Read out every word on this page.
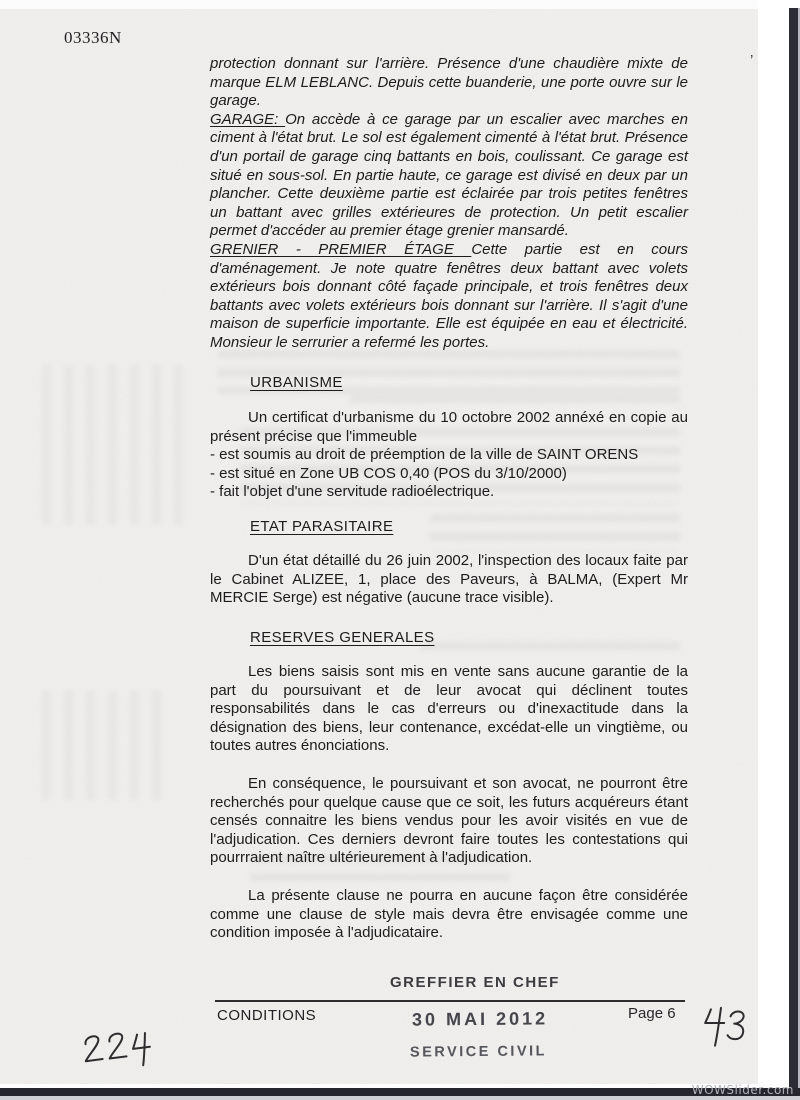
03336N
’
protection donnant sur l'arrière. Présence d'une chaudière mixte de marque ELM LEBLANC. Depuis cette buanderie, une porte ouvre sur le garage.
GARAGE: On accède à ce garage par un escalier avec marches en ciment à l'état brut. Le sol est également cimenté à l'état brut. Présence d'un portail de garage cinq battants en bois, coulissant. Ce garage est situé en sous-sol. En partie haute, ce garage est divisé en deux par un plancher. Cette deuxième partie est éclairée par trois petites fenêtres un battant avec grilles extérieures de protection. Un petit escalier permet d'accéder au premier étage grenier mansardé.
GRENIER - PREMIER ÉTAGE Cette partie est en cours d'aménagement. Je note quatre fenêtres deux battant avec volets extérieurs bois donnant côté façade principale, et trois fenêtres deux battants avec volets extérieurs bois donnant sur l'arrière. Il s'agit d'une maison de superficie importante. Elle est équipée en eau et électricité. Monsieur le serrurier a refermé les portes.
URBANISME
Un certificat d'urbanisme du 10 octobre 2002 annéxé en copie au présent précise que l'immeuble
- est soumis au droit de préemption de la ville de SAINT ORENS
- est situé en Zone UB COS 0,40 (POS du 3/10/2000)
- fait l'objet d'une servitude radioélectrique.
ETAT PARASITAIRE
D'un état détaillé du 26 juin 2002, l'inspection des locaux faite par le Cabinet ALIZEE, 1, place des Paveurs, à BALMA, (Expert Mr MERCIE Serge) est négative (aucune trace visible).
RESERVES GENERALES
Les biens saisis sont mis en vente sans aucune garantie de la part du poursuivant et de leur avocat qui déclinent toutes responsabilités dans le cas d'erreurs ou d'inexactitude dans la désignation des biens, leur contenance, excédat-elle un vingtième, ou toutes autres énonciations.
En conséquence, le poursuivant et son avocat, ne pourront être recherchés pour quelque cause que ce soit, les futurs acquéreurs étant censés connaitre les biens vendus pour les avoir visités en vue de l'adjudication. Ces derniers devront faire toutes les contestations qui pourrraient naître ultérieurement à l'adjudication.
La présente clause ne pourra en aucune façon être considérée comme une clause de style mais devra être envisagée comme une condition imposée à l'adjudicataire.
GREFFIER EN CHEF
CONDITIONS	30 MAI 2012	Page 6
SERVICE CIVIL
WOWSlider.com
